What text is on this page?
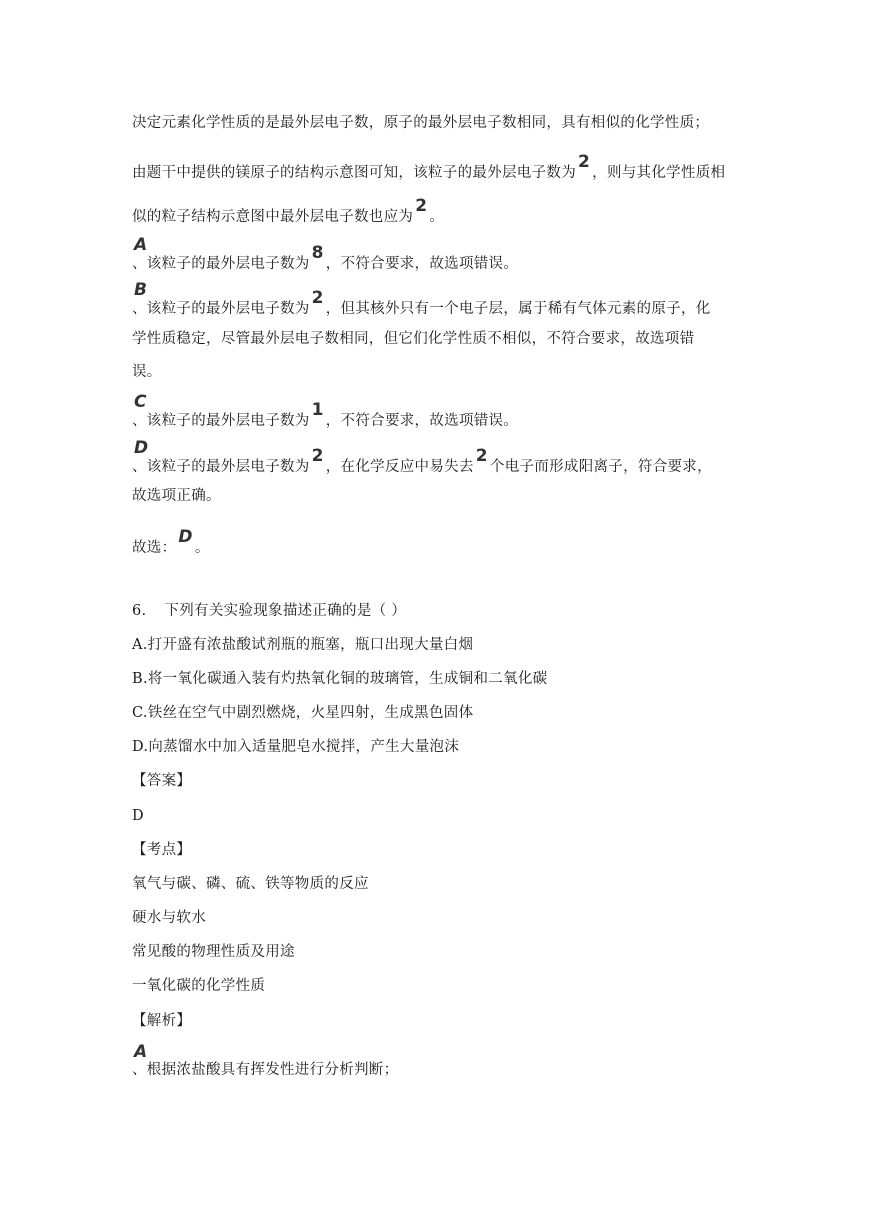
决定元素化学性质的是最外层电子数，原子的最外层电子数相同，具有相似的化学性质；
由题干中提供的镁原子的结构示意图可知，该粒子的最外层电子数为2，则与其化学性质相
似的粒子结构示意图中最外层电子数也应为2。
A
、该粒子的最外层电子数为8，不符合要求，故选项错误。
B
、该粒子的最外层电子数为2，但其核外只有一个电子层，属于稀有气体元素的原子，化
学性质稳定，尽管最外层电子数相同，但它们化学性质不相似，不符合要求，故选项错
误。
C
、该粒子的最外层电子数为1，不符合要求，故选项错误。
D
、该粒子的最外层电子数为2，在化学反应中易失去2个电子而形成阳离子，符合要求，
故选项正确。
故选：D。
6. 下列有关实验现象描述正确的是（ ）
A.打开盛有浓盐酸试剂瓶的瓶塞，瓶口出现大量白烟
B.将一氧化碳通入装有灼热氧化铜的玻璃管，生成铜和二氧化碳
C.铁丝在空气中剧烈燃烧，火星四射，生成黑色固体
D.向蒸馏水中加入适量肥皂水搅拌，产生大量泡沫
【答案】
D
【考点】
氧气与碳、磷、硫、铁等物质的反应
硬水与软水
常见酸的物理性质及用途
一氧化碳的化学性质
【解析】
A
、根据浓盐酸具有挥发性进行分析判断；
